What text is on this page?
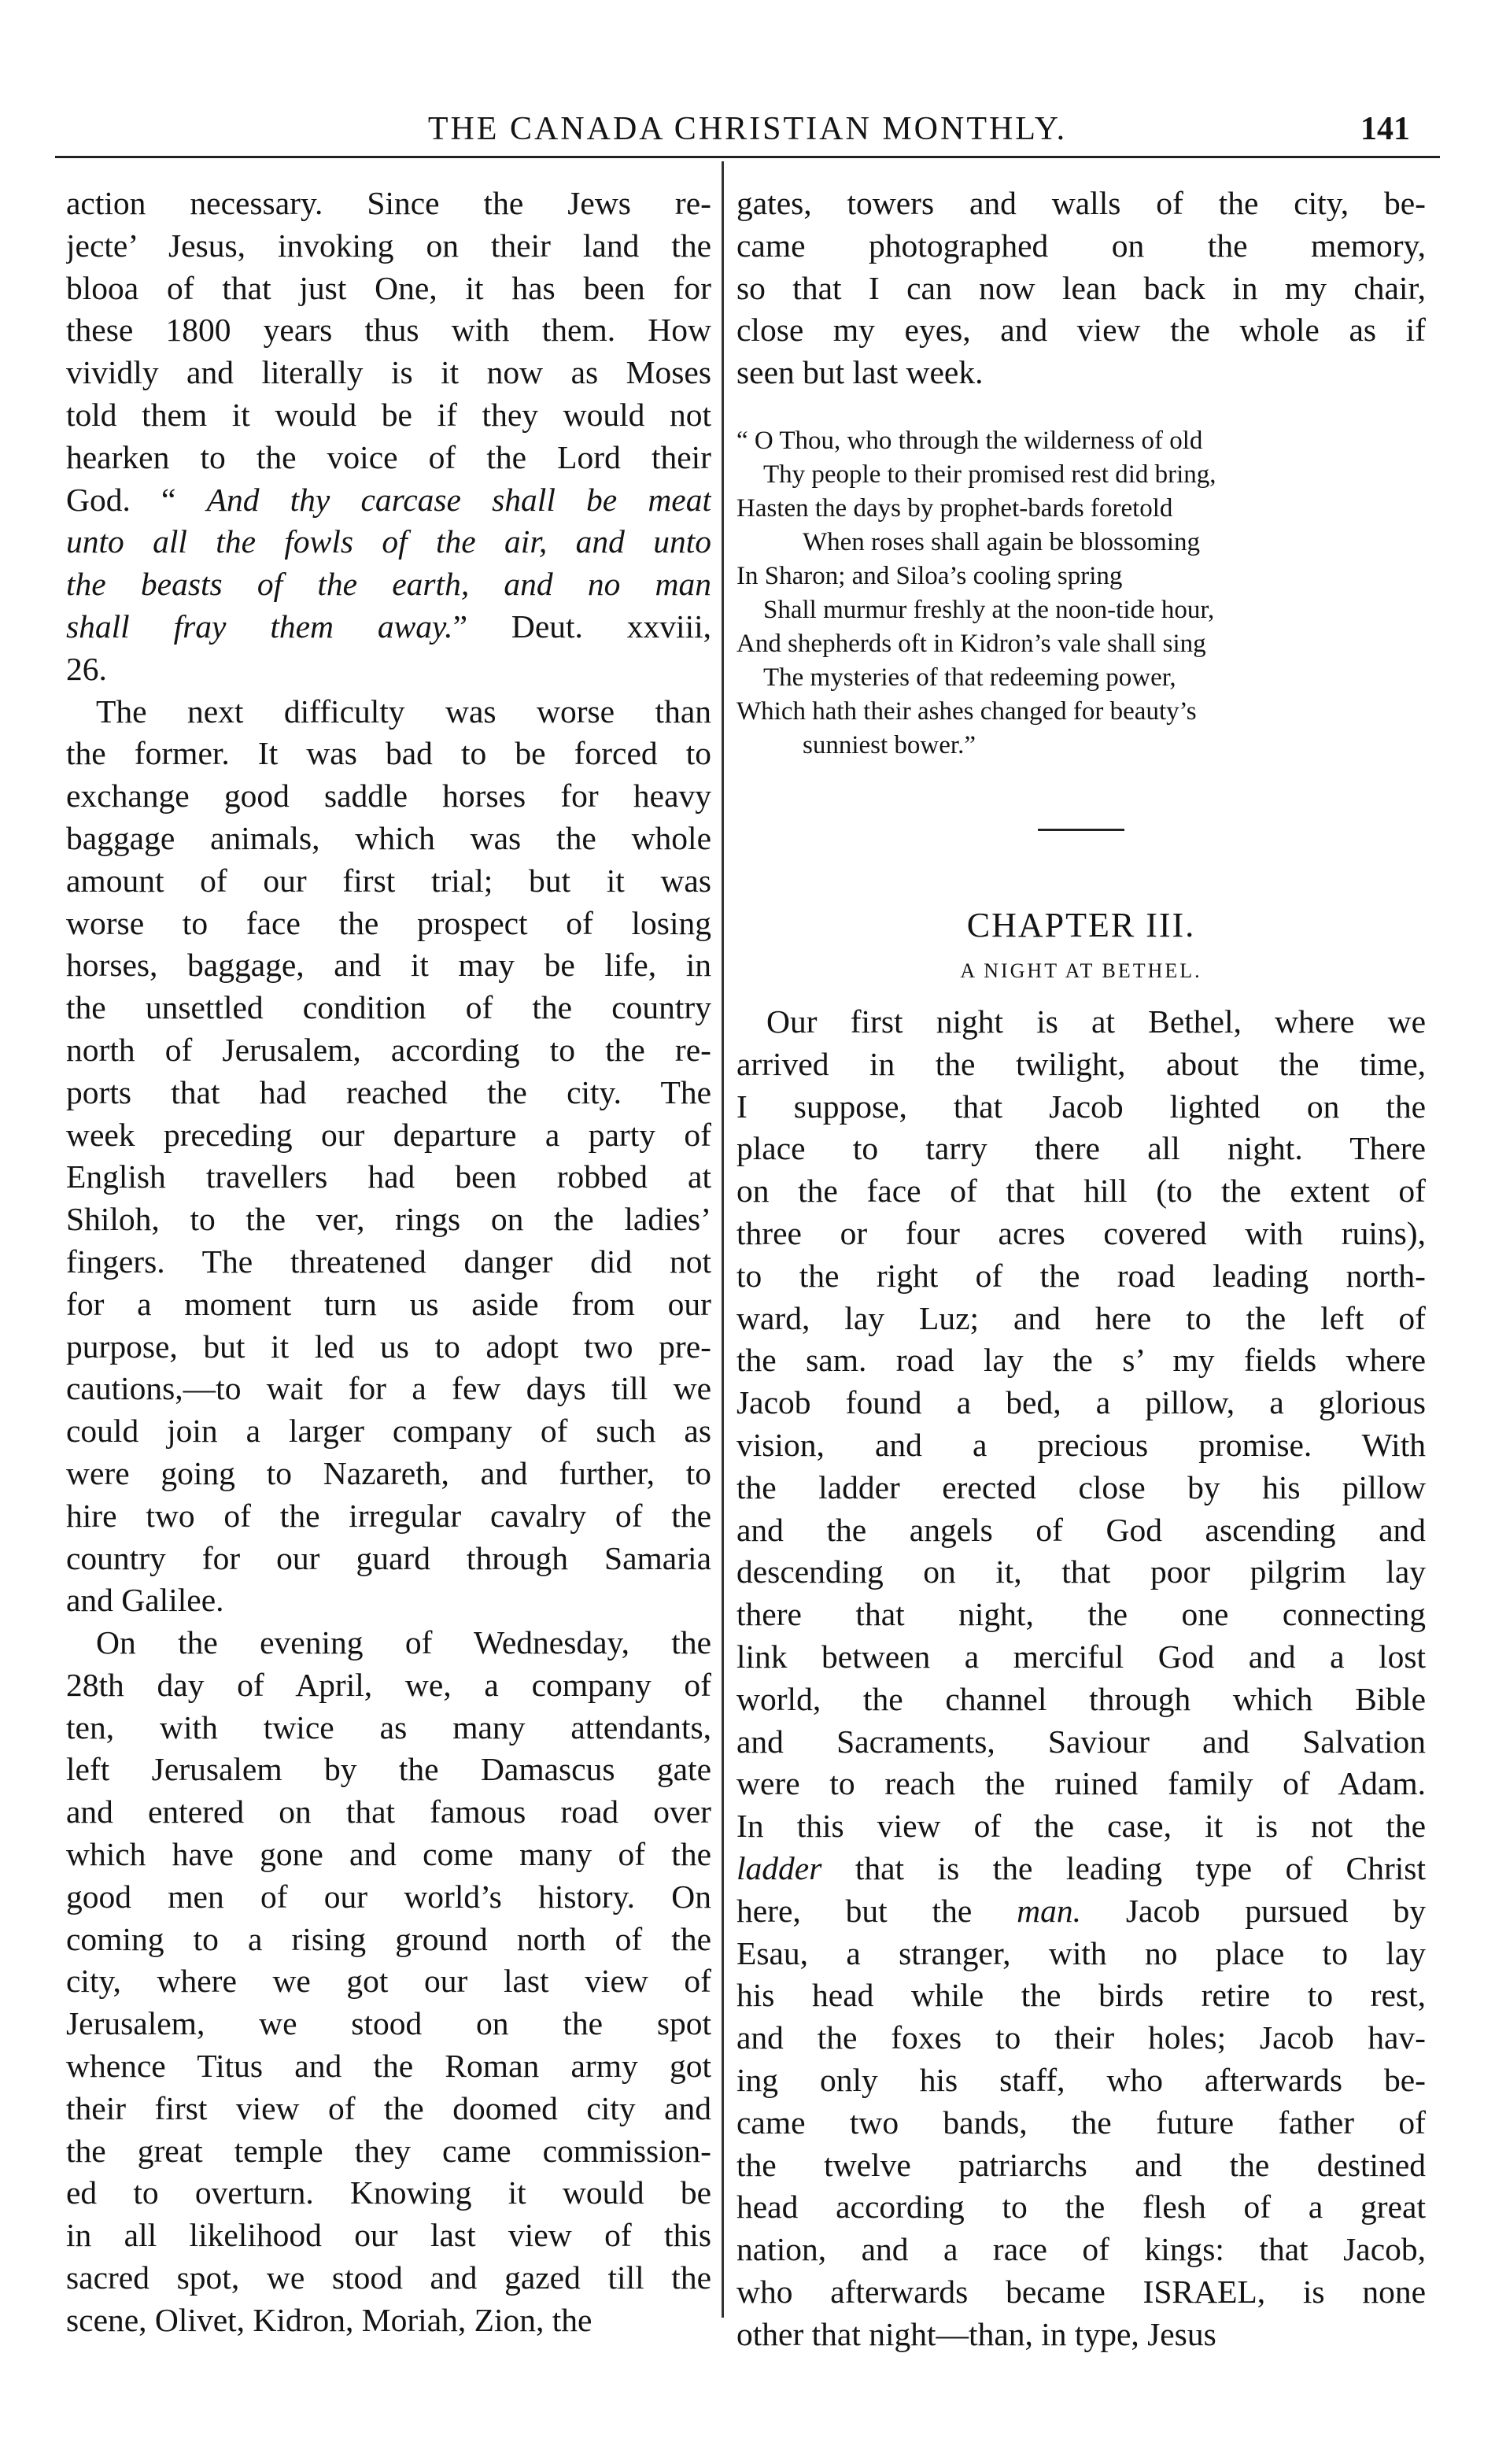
THE CANADA CHRISTIAN MONTHLY.	141
action necessary. Since the Jews re-
jecte’ Jesus, invoking on their land the
blooa of that just One, it has been for
these 1800 years thus with them. How
vividly and literally is it now as Moses
told them it would be if they would not
hearken to the voice of the Lord their
God. “ And thy carcase shall be meat
unto all the fowls of the air, and unto
the beasts of the earth, and no man
shall fray them away.” Deut. xxviii,
26.
The next difficulty was worse than
the former. It was bad to be forced to
exchange good saddle horses for heavy
baggage animals, which was the whole
amount of our first trial; but it was
worse to face the prospect of losing
horses, baggage, and it may be life, in
the unsettled condition of the country
north of Jerusalem, according to the re-
ports that had reached the city. The
week preceding our departure a party of
English travellers had been robbed at
Shiloh, to the ver, rings on the ladies’
fingers. The threatened danger did not
for a moment turn us aside from our
purpose, but it led us to adopt two pre-
cautions,—to wait for a few days till we
could join a larger company of such as
were going to Nazareth, and further, to
hire two of the irregular cavalry of the
country for our guard through Samaria
and Galilee.
On the evening of Wednesday, the
28th day of April, we, a company of
ten, with twice as many attendants,
left Jerusalem by the Damascus gate
and entered on that famous road over
which have gone and come many of the
good men of our world’s history. On
coming to a rising ground north of the
city, where we got our last view of
Jerusalem, we stood on the spot
whence Titus and the Roman army got
their first view of the doomed city and
the great temple they came commission-
ed to overturn. Knowing it would be
in all likelihood our last view of this
sacred spot, we stood and gazed till the
scene, Olivet, Kidron, Moriah, Zion, the
gates, towers and walls of the city, be-
came photographed on the memory,
so that I can now lean back in my chair,
close my eyes, and view the whole as if
seen but last week.
“ O Thou, who through the wilderness of old
Thy people to their promised rest did bring,
Hasten the days by prophet-bards foretold
When roses shall again be blossoming
In Sharon; and Siloa’s cooling spring
Shall murmur freshly at the noon-tide hour,
And shepherds oft in Kidron’s vale shall sing
The mysteries of that redeeming power,
Which hath their ashes changed for beauty’s
sunniest bower.”
CHAPTER III.
A NIGHT AT BETHEL.
Our first night is at Bethel, where we
arrived in the twilight, about the time,
I suppose, that Jacob lighted on the
place to tarry there all night. There
on the face of that hill (to the extent of
three or four acres covered with ruins),
to the right of the road leading north-
ward, lay Luz; and here to the left of
the sam. road lay the s’ my fields where
Jacob found a bed, a pillow, a glorious
vision, and a precious promise. With
the ladder erected close by his pillow
and the angels of God ascending and
descending on it, that poor pilgrim lay
there that night, the one connecting
link between a merciful God and a lost
world, the channel through which Bible
and Sacraments, Saviour and Salvation
were to reach the ruined family of Adam.
In this view of the case, it is not the
ladder that is the leading type of Christ
here, but the man. Jacob pursued by
Esau, a stranger, with no place to lay
his head while the birds retire to rest,
and the foxes to their holes; Jacob hav-
ing only his staff, who afterwards be-
came two bands, the future father of
the twelve patriarchs and the destined
head according to the flesh of a great
nation, and a race of kings: that Jacob,
who afterwards became ISRAEL, is none
other that night—than, in type, Jesus
